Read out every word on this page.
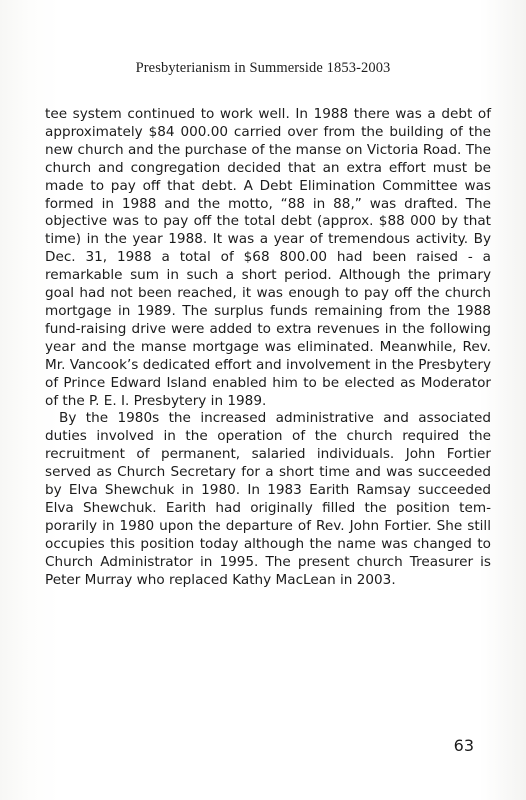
Presbyterianism in Summerside 1853-2003

tee system continued to work well. In 1988 there was a debt of approximately $84 000.00 carried over from the building of the new church and the purchase of the manse on Victoria Road. The church and congregation decided that an extra effort must be made to pay off that debt. A Debt Elimination Committee was formed in 1988 and the motto, “88 in 88,” was drafted. The objective was to pay off the total debt (approx. $88 000 by that time) in the year 1988. It was a year of tremendous activity. By Dec. 31, 1988 a total of $68 800.00 had been raised - a remarkable sum in such a short period. Although the primary goal had not been reached, it was enough to pay off the church mortgage in 1989. The surplus funds remaining from the 1988 fund-raising drive were added to extra revenues in the following year and the manse mortgage was eliminated. Meanwhile, Rev. Mr. Vancook’s dedicated effort and involvement in the Presbytery of Prince Edward Island enabled him to be elected as Moderator of the P. E. I. Presbytery in 1989.

By the 1980s the increased administrative and associated duties involved in the operation of the church required the recruitment of permanent, salaried individuals. John Fortier served as Church Secretary for a short time and was succeeded by Elva Shewchuk in 1980. In 1983 Earith Ramsay succeeded Elva Shewchuk. Earith had originally filled the position temporarily in 1980 upon the departure of Rev. John Fortier. She still occupies this position today although the name was changed to Church Administrator in 1995. The present church Treasurer is Peter Murray who replaced Kathy MacLean in 2003.

63
